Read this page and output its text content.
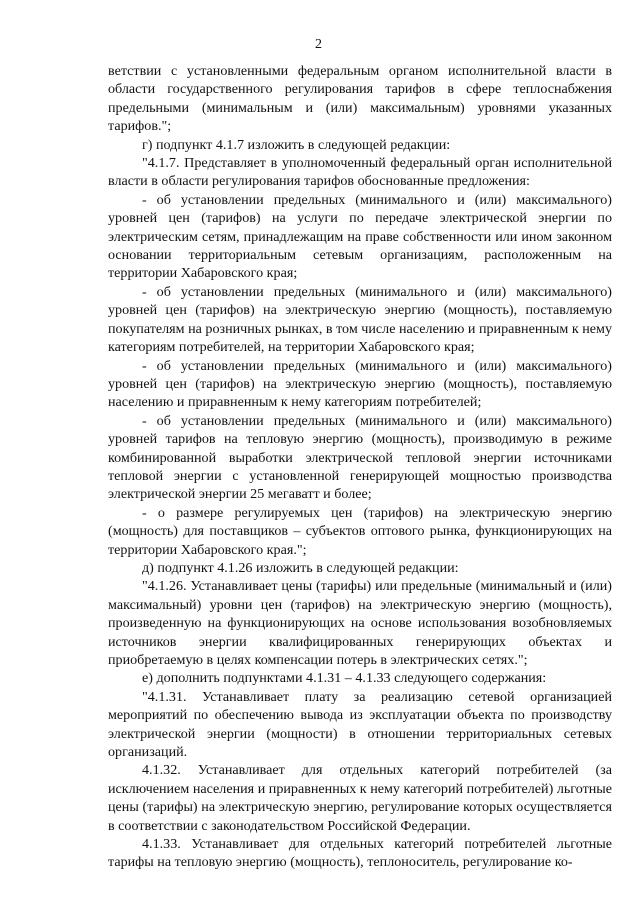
2

ветствии с установленными федеральным органом исполнительной власти в области государственного регулирования тарифов в сфере теплоснабжения предельными (минимальным и (или) максимальным) уровнями указанных тарифов.";

г) подпункт 4.1.7 изложить в следующей редакции:

"4.1.7. Представляет в уполномоченный федеральный орган исполнительной власти в области регулирования тарифов обоснованные предложения:

- об установлении предельных (минимального и (или) максимального) уровней цен (тарифов) на услуги по передаче электрической энергии по электрическим сетям, принадлежащим на праве собственности или ином законном основании территориальным сетевым организациям, расположенным на территории Хабаровского края;

- об установлении предельных (минимального и (или) максимального) уровней цен (тарифов) на электрическую энергию (мощность), поставляемую покупателям на розничных рынках, в том числе населению и приравненным к нему категориям потребителей, на территории Хабаровского края;

- об установлении предельных (минимального и (или) максимального) уровней цен (тарифов) на электрическую энергию (мощность), поставляемую населению и приравненным к нему категориям потребителей;

- об установлении предельных (минимального и (или) максимального) уровней тарифов на тепловую энергию (мощность), производимую в режиме комбинированной выработки электрической тепловой энергии источниками тепловой энергии с установленной генерирующей мощностью производства электрической энергии 25 мегаватт и более;

- о размере регулируемых цен (тарифов) на электрическую энергию (мощность) для поставщиков – субъектов оптового рынка, функционирующих на территории Хабаровского края.";

д) подпункт 4.1.26 изложить в следующей редакции:

"4.1.26. Устанавливает цены (тарифы) или предельные (минимальный и (или) максимальный) уровни цен (тарифов) на электрическую энергию (мощность), произведенную на функционирующих на основе использования возобновляемых источников энергии квалифицированных генерирующих объектах и приобретаемую в целях компенсации потерь в электрических сетях.";

е) дополнить подпунктами 4.1.31 – 4.1.33 следующего содержания:

"4.1.31. Устанавливает плату за реализацию сетевой организацией мероприятий по обеспечению вывода из эксплуатации объекта по производству электрической энергии (мощности) в отношении территориальных сетевых организаций.

4.1.32. Устанавливает для отдельных категорий потребителей (за исключением населения и приравненных к нему категорий потребителей) льготные цены (тарифы) на электрическую энергию, регулирование которых осуществляется в соответствии с законодательством Российской Федерации.

4.1.33. Устанавливает для отдельных категорий потребителей льготные тарифы на тепловую энергию (мощность), теплоноситель, регулирование ко-
